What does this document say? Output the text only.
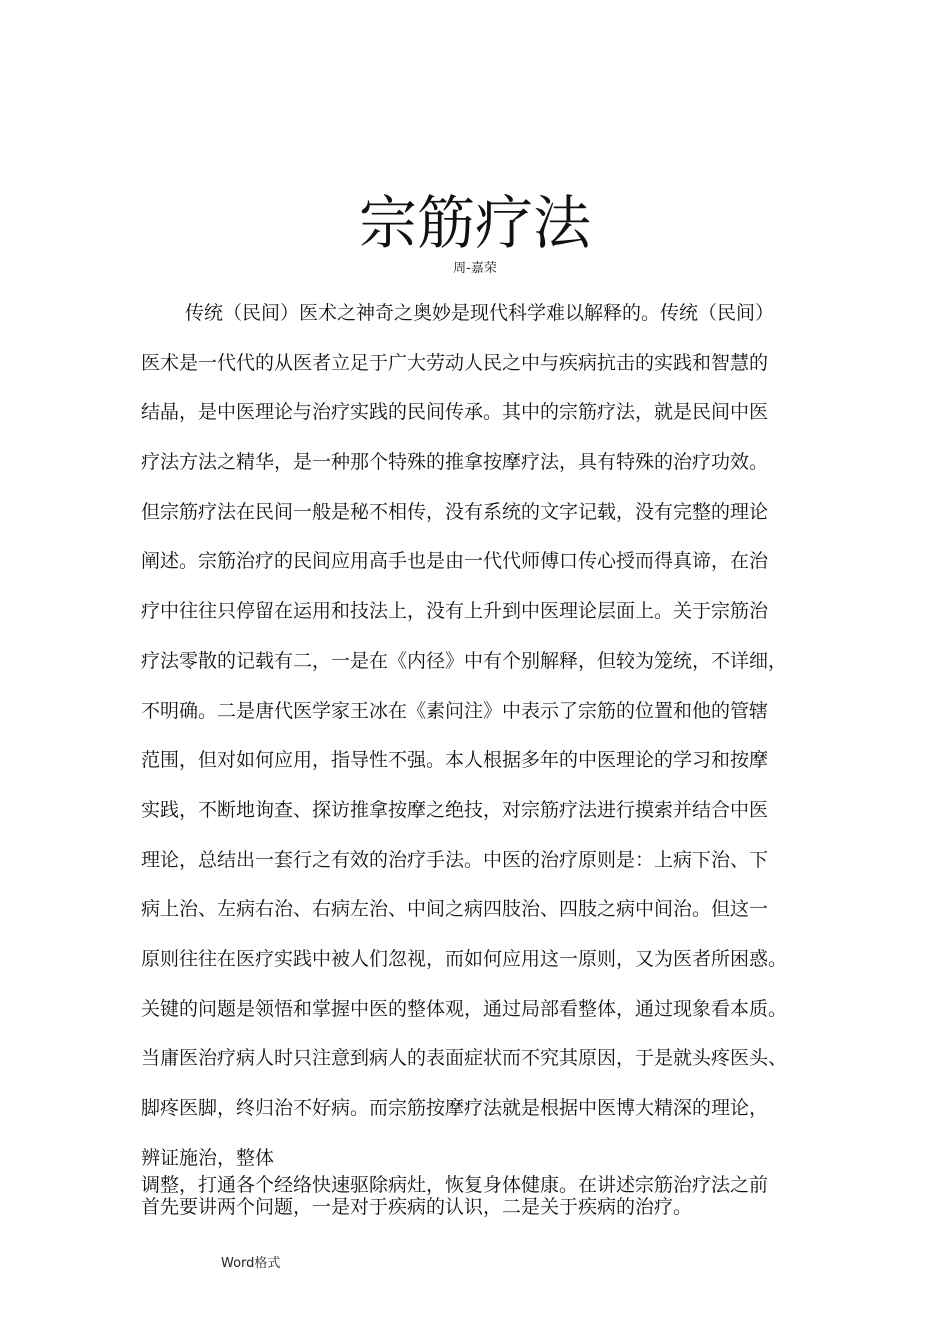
宗筋疗法
周-嘉荣
传统（民间）医术之神奇之奥妙是现代科学难以解释的。传统（民间）
医术是一代代的从医者立足于广大劳动人民之中与疾病抗击的实践和智慧的
结晶，是中医理论与治疗实践的民间传承。其中的宗筋疗法，就是民间中医
疗法方法之精华，是一种那个特殊的推拿按摩疗法，具有特殊的治疗功效。
但宗筋疗法在民间一般是秘不相传，没有系统的文字记载，没有完整的理论
阐述。宗筋治疗的民间应用高手也是由一代代师傅口传心授而得真谛，在治
疗中往往只停留在运用和技法上，没有上升到中医理论层面上。关于宗筋治
疗法零散的记载有二，一是在《内径》中有个别解释，但较为笼统，不详细，
不明确。二是唐代医学家王冰在《素问注》中表示了宗筋的位置和他的管辖
范围，但对如何应用，指导性不强。本人根据多年的中医理论的学习和按摩
实践，不断地询查、探访推拿按摩之绝技，对宗筋疗法进行摸索并结合中医
理论，总结出一套行之有效的治疗手法。中医的治疗原则是：上病下治、下
病上治、左病右治、右病左治、中间之病四肢治、四肢之病中间治。但这一
原则往往在医疗实践中被人们忽视，而如何应用这一原则，又为医者所困惑。
关键的问题是领悟和掌握中医的整体观，通过局部看整体，通过现象看本质。
当庸医治疗病人时只注意到病人的表面症状而不究其原因，于是就头疼医头、
脚疼医脚，终归治不好病。而宗筋按摩疗法就是根据中医博大精深的理论，
辨证施治，整体
调整，打通各个经络快速驱除病灶，恢复身体健康。在讲述宗筋治疗法之前
首先要讲两个问题，一是对于疾病的认识，二是关于疾病的治疗。
Word格式
